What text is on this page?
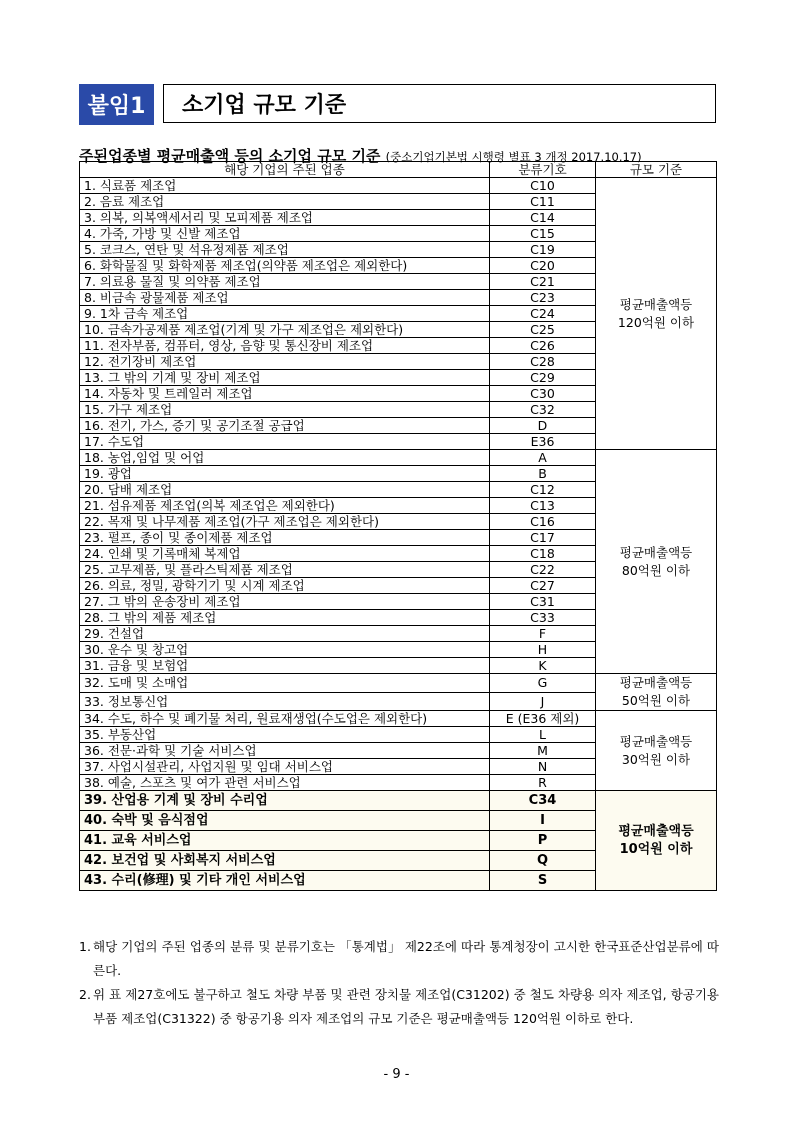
붙임1	소기업 규모 기준
주된업종별 평균매출액 등의 소기업 규모 기준 (중소기업기본법 시행령 별표 3 개정 2017.10.17)
해당 기업의 주된 업종	분류기호	규모 기준
1. 식료품 제조업	C10	평균매출액등
120억원 이하

2. 음료 제조업	C11	
3. 의복, 의복액세서리 및 모피제품 제조업	C14	
4. 가죽, 가방 및 신발 제조업	C15	
5. 코크스, 연탄 및 석유정제품 제조업	C19	
6. 화학물질 및 화학제품 제조업(의약품 제조업은 제외한다)	C20	
7. 의료용 물질 및 의약품 제조업	C21	
8. 비금속 광물제품 제조업	C23	
9. 1차 금속 제조업	C24	
10. 금속가공제품 제조업(기계 및 가구 제조업은 제외한다)	C25	
11. 전자부품, 컴퓨터, 영상, 음향 및 통신장비 제조업	C26	
12. 전기장비 제조업	C28	
13. 그 밖의 기계 및 장비 제조업	C29	
14. 자동차 및 트레일러 제조업	C30	
15. 가구 제조업	C32	
16. 전기, 가스, 증기 및 공기조절 공급업	D	
17. 수도업	E36	
18. 농업,임업 및 어업	A	평균매출액등
80억원 이하

19. 광업	B	
20. 담배 제조업	C12	
21. 섬유제품 제조업(의복 제조업은 제외한다)	C13	
22. 목재 및 나무제품 제조업(가구 제조업은 제외한다)	C16	
23. 펄프, 종이 및 종이제품 제조업	C17	
24. 인쇄 및 기록매체 복제업	C18	
25. 고무제품, 및 플라스틱제품 제조업	C22	
26. 의료, 정밀, 광학기기 및 시계 제조업	C27	
27. 그 밖의 운송장비 제조업	C31	
28. 그 밖의 제품 제조업	C33	
29. 건설업	F	
30. 운수 및 창고업	H	
31. 금융 및 보험업	K	
32. 도매 및 소매업	G	평균매출액등
50억원 이하

33. 정보통신업	J	
34. 수도, 하수 및 폐기물 처리, 원료재생업(수도업은 제외한다)	E (E36 제외)	평균매출액등
30억원 이하

35. 부동산업	L	
36. 전문·과학 및 기술 서비스업	M	
37. 사업시설관리, 사업지원 및 임대 서비스업	N	
38. 예술, 스포츠 및 여가 관련 서비스업	R	
39. 산업용 기계 및 장비 수리업	C34	평균매출액등
10억원 이하

40. 숙박 및 음식점업	I	
41. 교육 서비스업	P	
42. 보건업 및 사회복지 서비스업	Q	
43. 수리(修理) 및 기타 개인 서비스업	S	
1. 해당 기업의 주된 업종의 분류 및 분류기호는 「통계법」 제22조에 따라 통계청장이 고시한 한국표준산업분류에 따른다.
2. 위 표 제27호에도 불구하고 철도 차량 부품 및 관련 장치물 제조업(C31202) 중 철도 차량용 의자 제조업, 항공기용 부품 제조업(C31322) 중 항공기용 의자 제조업의 규모 기준은 평균매출액등 120억원 이하로 한다.
- 9 -
